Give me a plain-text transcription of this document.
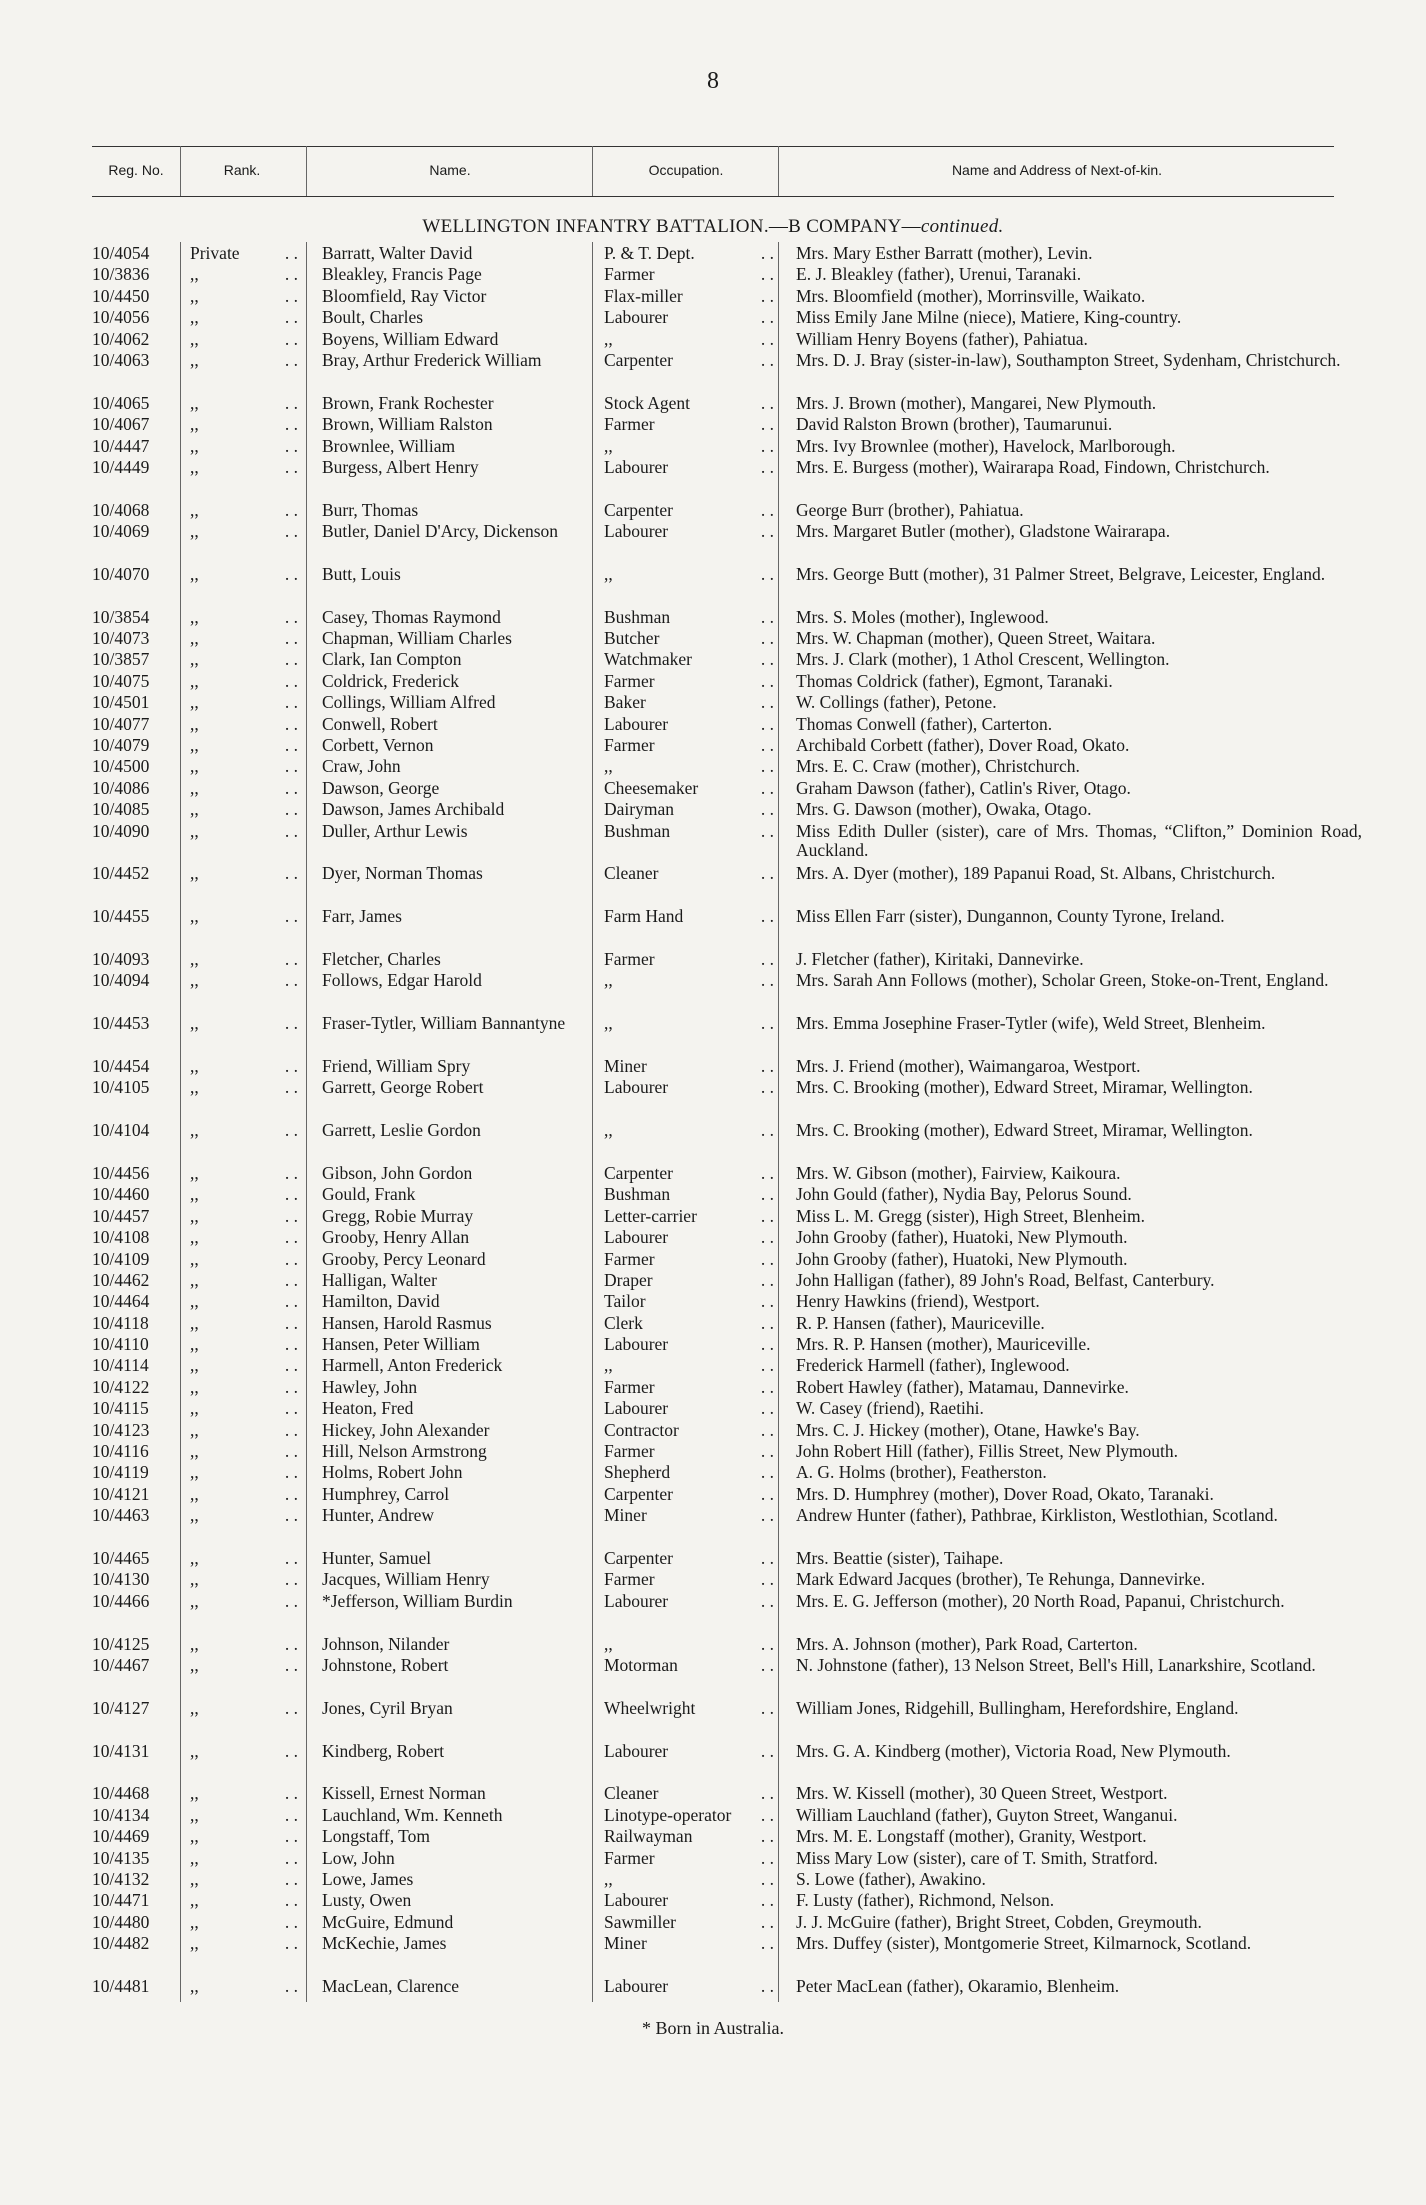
8
Reg. No.	Rank.	Name.	Occupation.	Name and Address of Next-of-kin.
WELLINGTON INFANTRY BATTALION.—B COMPANY—continued.
10/4054	Private	. . Barratt, Walter David	P. & T. Dept.	. . Mrs. Mary Esther Barratt (mother), Levin.
10/3836	,,	. . Bleakley, Francis Page	Farmer	. . E. J. Bleakley (father), Urenui, Taranaki.
10/4450	,,	. . Bloomfield, Ray Victor	Flax-miller	. . Mrs. Bloomfield (mother), Morrinsville, Waikato.
10/4056	,,	. . Boult, Charles	Labourer	. . Miss Emily Jane Milne (niece), Matiere, King-country.
10/4062	,,	. . Boyens, William Edward	,,	. . William Henry Boyens (father), Pahiatua.
10/4063	,,	. . Bray, Arthur Frederick William	Carpenter	. . Mrs. D. J. Bray (sister-in-law), Southampton Street, Sydenham, Christchurch.
10/4065	,,	. . Brown, Frank Rochester	Stock Agent	. . Mrs. J. Brown (mother), Mangarei, New Plymouth.
10/4067	,,	. . Brown, William Ralston	Farmer	. . David Ralston Brown (brother), Taumarunui.
10/4447	,,	. . Brownlee, William	,,	. . Mrs. Ivy Brownlee (mother), Havelock, Marlborough.
10/4449	,,	. . Burgess, Albert Henry	Labourer	. . Mrs. E. Burgess (mother), Wairarapa Road, Findown, Christchurch.
10/4068	,,	. . Burr, Thomas	Carpenter	. . George Burr (brother), Pahiatua.
10/4069	,,	. . Butler, Daniel D'Arcy, Dickenson	Labourer	. . Mrs. Margaret Butler (mother), Gladstone Wairarapa.
10/4070	,,	. . Butt, Louis	,,	. . Mrs. George Butt (mother), 31 Palmer Street, Belgrave, Leicester, England.
10/3854	,,	. . Casey, Thomas Raymond	Bushman	. . Mrs. S. Moles (mother), Inglewood.
10/4073	,,	. . Chapman, William Charles	Butcher	. . Mrs. W. Chapman (mother), Queen Street, Waitara.
10/3857	,,	. . Clark, Ian Compton	Watchmaker	. . Mrs. J. Clark (mother), 1 Athol Crescent, Wellington.
10/4075	,,	. . Coldrick, Frederick	Farmer	. . Thomas Coldrick (father), Egmont, Taranaki.
10/4501	,,	. . Collings, William Alfred	Baker	. . W. Collings (father), Petone.
10/4077	,,	. . Conwell, Robert	Labourer	. . Thomas Conwell (father), Carterton.
10/4079	,,	. . Corbett, Vernon	Farmer	. . Archibald Corbett (father), Dover Road, Okato.
10/4500	,,	. . Craw, John	,,	. . Mrs. E. C. Craw (mother), Christchurch.
10/4086	,,	. . Dawson, George	Cheesemaker	. . Graham Dawson (father), Catlin's River, Otago.
10/4085	,,	. . Dawson, James Archibald	Dairyman	. . Mrs. G. Dawson (mother), Owaka, Otago.
10/4090	,,	. . Duller, Arthur Lewis	Bushman	. . Miss Edith Duller (sister), care of Mrs. Thomas, “Clifton,” Dominion Road, Auckland.
10/4452	,,	. . Dyer, Norman Thomas	Cleaner	. . Mrs. A. Dyer (mother), 189 Papanui Road, St. Albans, Christchurch.
10/4455	,,	. . Farr, James	Farm Hand	. . Miss Ellen Farr (sister), Dungannon, County Tyrone, Ireland.
10/4093	,,	. . Fletcher, Charles	Farmer	. . J. Fletcher (father), Kiritaki, Dannevirke.
10/4094	,,	. . Follows, Edgar Harold	,,	. . Mrs. Sarah Ann Follows (mother), Scholar Green, Stoke-on-Trent, England.
10/4453	,,	. . Fraser-Tytler, William Bannantyne	,,	. . Mrs. Emma Josephine Fraser-Tytler (wife), Weld Street, Blenheim.
10/4454	,,	. . Friend, William Spry	Miner	. . Mrs. J. Friend (mother), Waimangaroa, Westport.
10/4105	,,	. . Garrett, George Robert	Labourer	. . Mrs. C. Brooking (mother), Edward Street, Miramar, Wellington.
10/4104	,,	. . Garrett, Leslie Gordon	,,	. . Mrs. C. Brooking (mother), Edward Street, Miramar, Wellington.
10/4456	,,	. . Gibson, John Gordon	Carpenter	. . Mrs. W. Gibson (mother), Fairview, Kaikoura.
10/4460	,,	. . Gould, Frank	Bushman	. . John Gould (father), Nydia Bay, Pelorus Sound.
10/4457	,,	. . Gregg, Robie Murray	Letter-carrier	. . Miss L. M. Gregg (sister), High Street, Blenheim.
10/4108	,,	. . Grooby, Henry Allan	Labourer	. . John Grooby (father), Huatoki, New Plymouth.
10/4109	,,	. . Grooby, Percy Leonard	Farmer	. . John Grooby (father), Huatoki, New Plymouth.
10/4462	,,	. . Halligan, Walter	Draper	. . John Halligan (father), 89 John's Road, Belfast, Canterbury.
10/4464	,,	. . Hamilton, David	Tailor	. . Henry Hawkins (friend), Westport.
10/4118	,,	. . Hansen, Harold Rasmus	Clerk	. . R. P. Hansen (father), Mauriceville.
10/4110	,,	. . Hansen, Peter William	Labourer	. . Mrs. R. P. Hansen (mother), Mauriceville.
10/4114	,,	. . Harmell, Anton Frederick	,,	. . Frederick Harmell (father), Inglewood.
10/4122	,,	. . Hawley, John	Farmer	. . Robert Hawley (father), Matamau, Dannevirke.
10/4115	,,	. . Heaton, Fred	Labourer	. . W. Casey (friend), Raetihi.
10/4123	,,	. . Hickey, John Alexander	Contractor	. . Mrs. C. J. Hickey (mother), Otane, Hawke's Bay.
10/4116	,,	. . Hill, Nelson Armstrong	Farmer	. . John Robert Hill (father), Fillis Street, New Plymouth.
10/4119	,,	. . Holms, Robert John	Shepherd	. . A. G. Holms (brother), Featherston.
10/4121	,,	. . Humphrey, Carrol	Carpenter	. . Mrs. D. Humphrey (mother), Dover Road, Okato, Taranaki.
10/4463	,,	. . Hunter, Andrew	Miner	. . Andrew Hunter (father), Pathbrae, Kirkliston, Westlothian, Scotland.
10/4465	,,	. . Hunter, Samuel	Carpenter	. . Mrs. Beattie (sister), Taihape.
10/4130	,,	. . Jacques, William Henry	Farmer	. . Mark Edward Jacques (brother), Te Rehunga, Dannevirke.
10/4466	,,	. . *Jefferson, William Burdin	Labourer	. . Mrs. E. G. Jefferson (mother), 20 North Road, Papanui, Christchurch.
10/4125	,,	. . Johnson, Nilander	,,	. . Mrs. A. Johnson (mother), Park Road, Carterton.
10/4467	,,	. . Johnstone, Robert	Motorman	. . N. Johnstone (father), 13 Nelson Street, Bell's Hill, Lanarkshire, Scotland.
10/4127	,,	. . Jones, Cyril Bryan	Wheelwright	. . William Jones, Ridgehill, Bullingham, Herefordshire, England.
10/4131	,,	. . Kindberg, Robert	Labourer	. . Mrs. G. A. Kindberg (mother), Victoria Road, New Plymouth.
10/4468	,,	. . Kissell, Ernest Norman	Cleaner	. . Mrs. W. Kissell (mother), 30 Queen Street, Westport.
10/4134	,,	. . Lauchland, Wm. Kenneth	Linotype-operator . . William Lauchland (father), Guyton Street, Wanganui.
10/4469	,,	. . Longstaff, Tom	Railwayman	. . Mrs. M. E. Longstaff (mother), Granity, Westport.
10/4135	,,	. . Low, John	Farmer	. . Miss Mary Low (sister), care of T. Smith, Stratford.
10/4132	,,	. . Lowe, James	,,	. . S. Lowe (father), Awakino.
10/4471	,,	. . Lusty, Owen	Labourer	. . F. Lusty (father), Richmond, Nelson.
10/4480	,,	. . McGuire, Edmund	Sawmiller	. . J. J. McGuire (father), Bright Street, Cobden, Greymouth.
10/4482	,,	. . McKechie, James	Miner	. . Mrs. Duffey (sister), Montgomerie Street, Kilmarnock, Scotland.
10/4481	,,	. . MacLean, Clarence	Labourer	. . Peter MacLean (father), Okaramio, Blenheim.
* Born in Australia.
